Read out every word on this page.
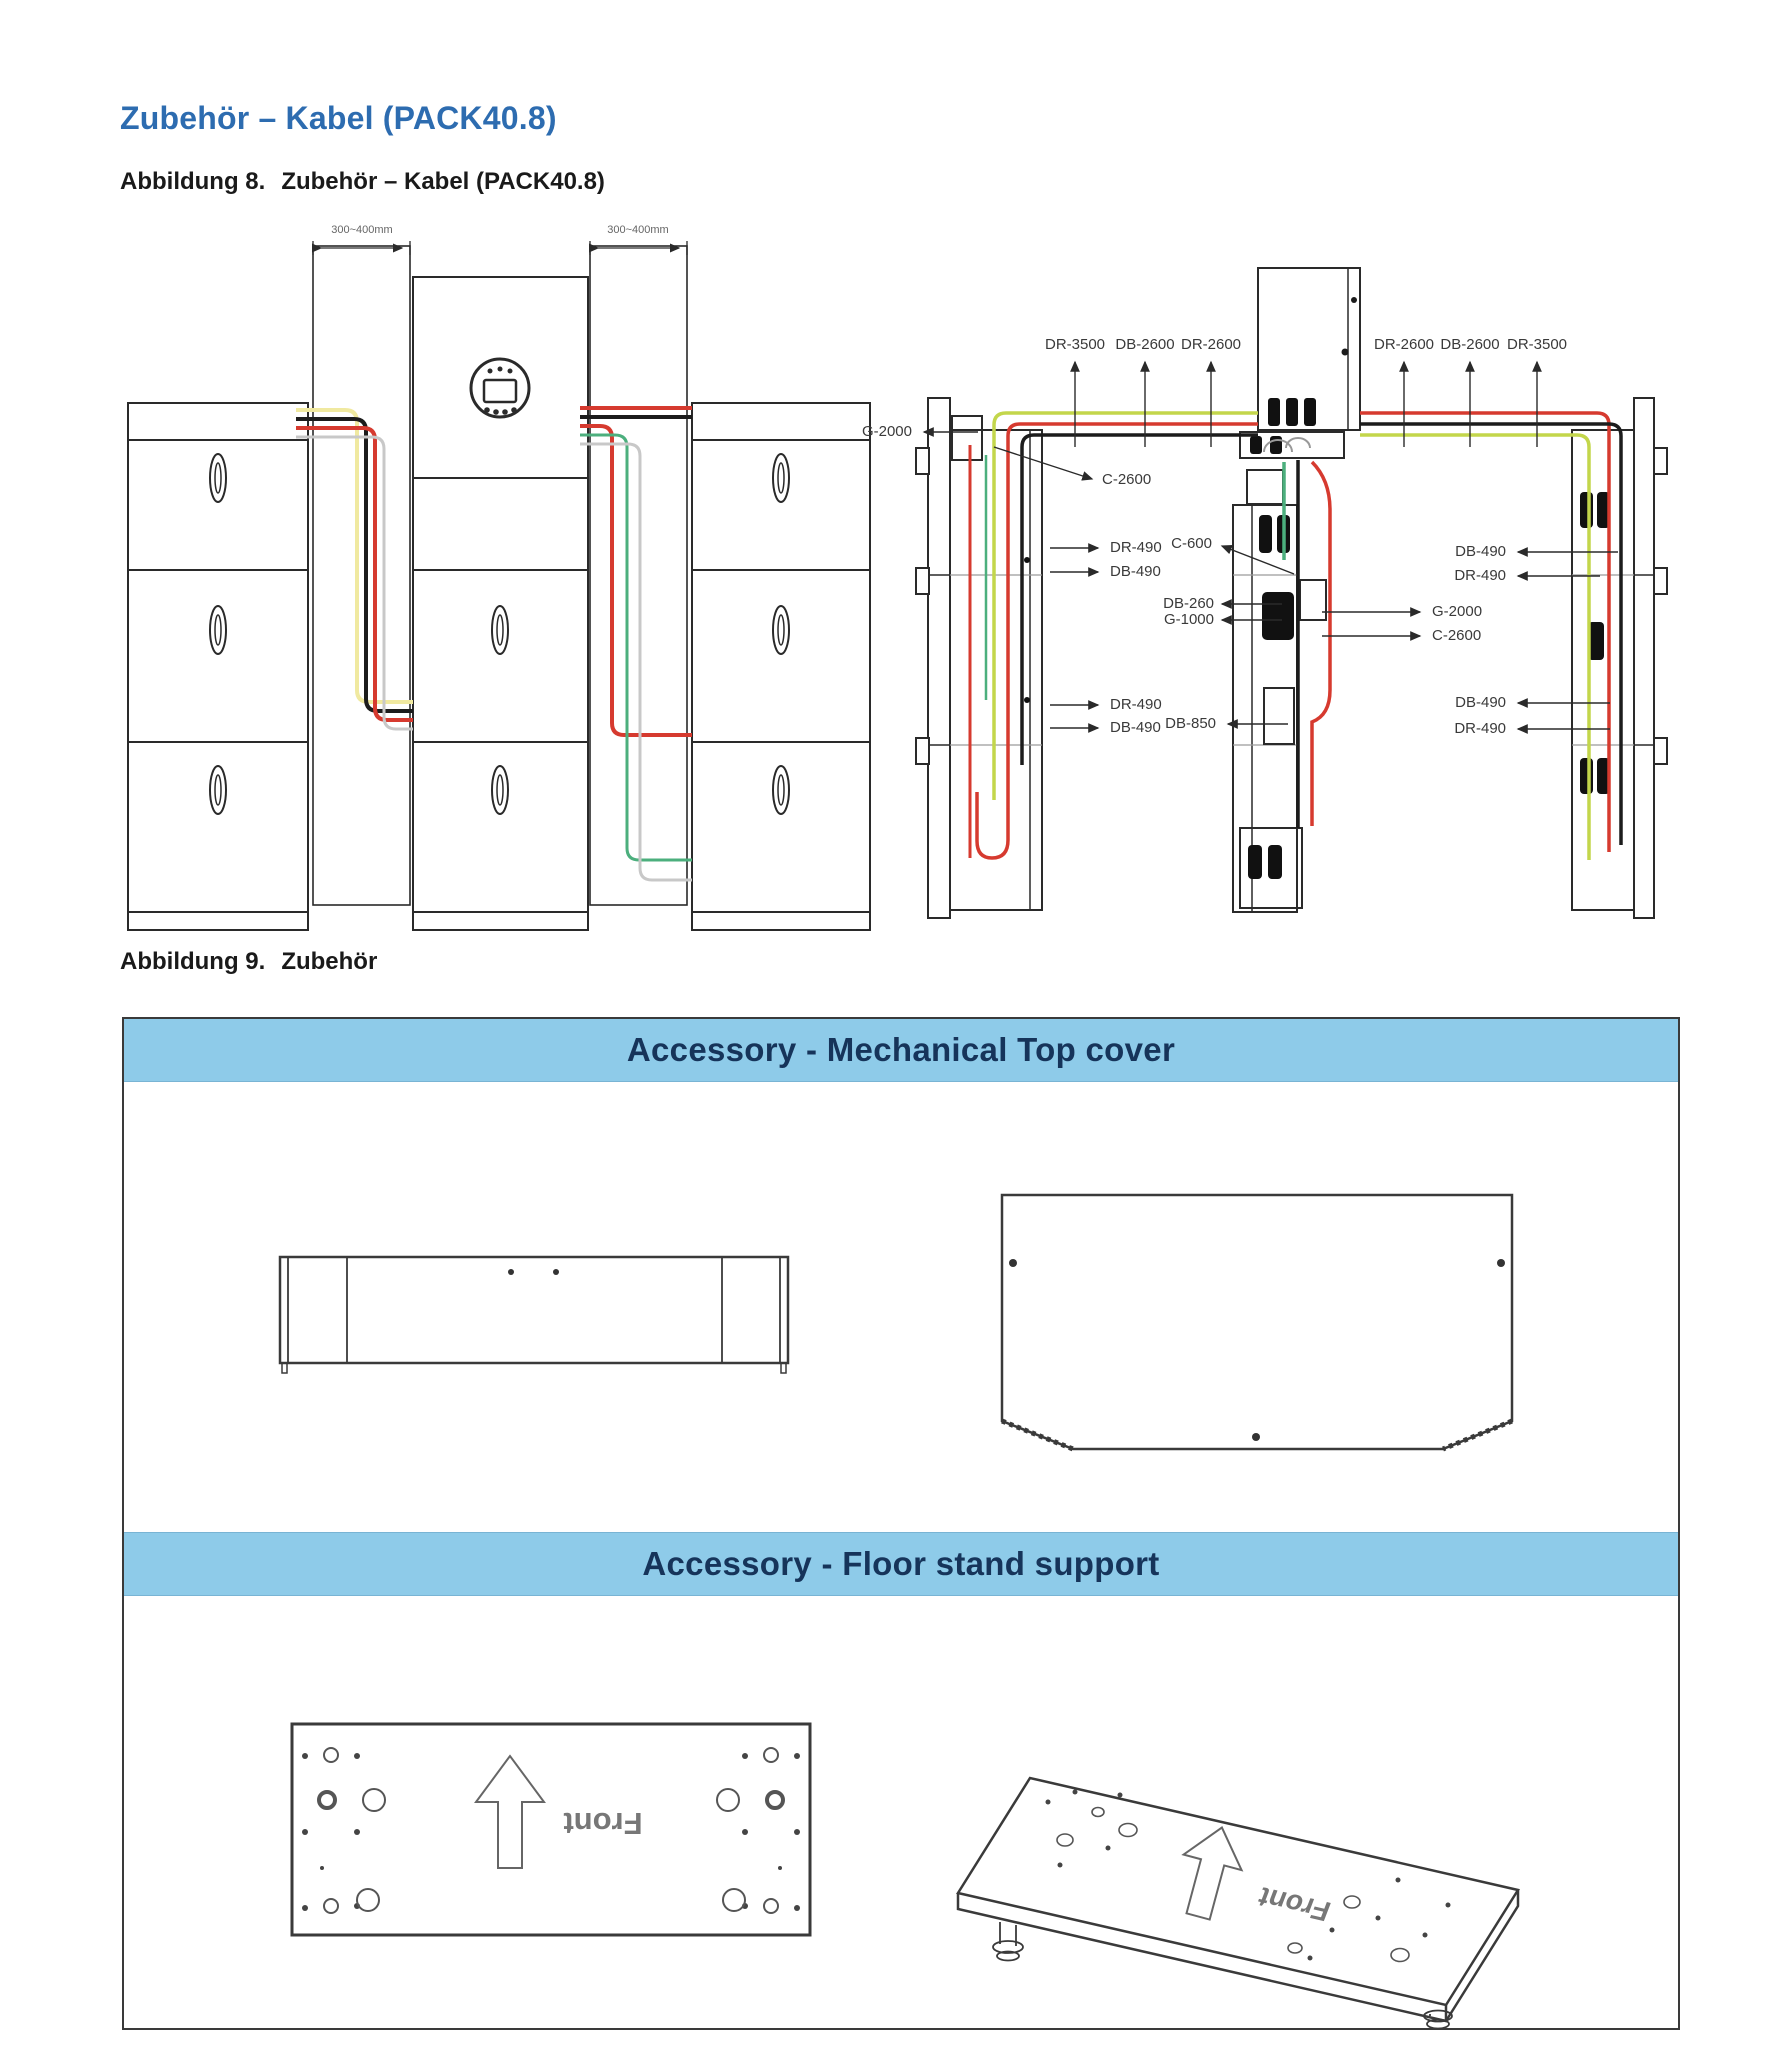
Zubehör – Kabel (PACK40.8)
Abbildung 8. Zubehör – Kabel (PACK40.8)
300~400mm	300~400mm
DR-3500 DB-2600 DR-2600	DR-2600 DB-2600 DR-3500
G-2000
C-2600
DR-490
DB-490
C-600
DB-260
G-1000	G-2000
C-2600
DB-490
DR-490
DR-490
DB-490 DB-850
DB-490
DR-490
Abbildung 9. Zubehör
Accessory - Mechanical Top cover
Accessory - Floor stand support
Front
Front
